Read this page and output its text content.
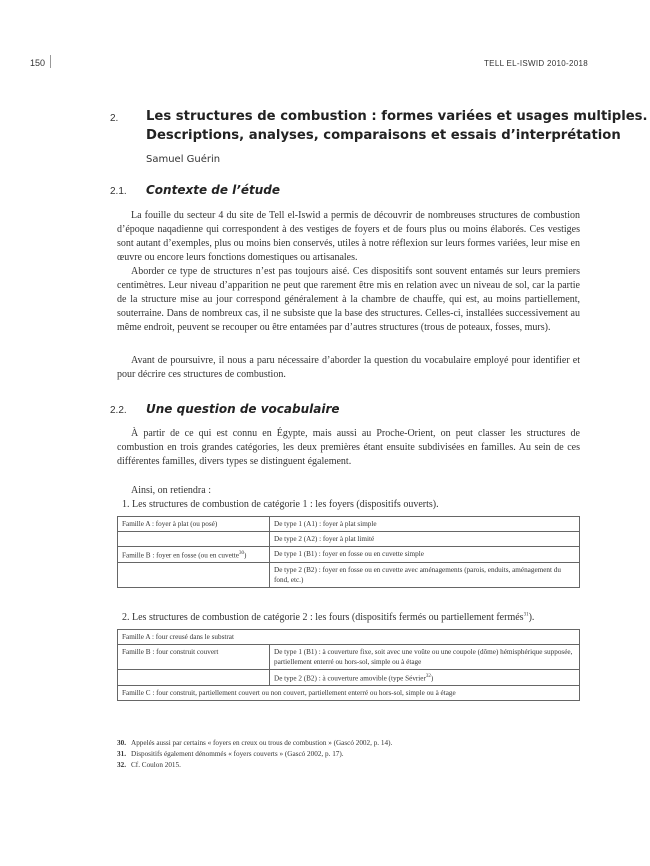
150	TELL EL-ISWID 2010-2018
2. Les structures de combustion : formes variées et usages multiples.
Descriptions, analyses, comparaisons et essais d’interprétation
Samuel Guérin
2.1. Contexte de l’étude

La fouille du secteur 4 du site de Tell el-Iswid a permis de découvrir de nombreuses structures de combustion d’époque naqadienne qui correspondent à des vestiges de foyers et de fours plus ou moins élaborés. Ces vestiges sont autant d’exemples, plus ou moins bien conservés, utiles à notre réflexion sur leurs formes variées, leur mise en œuvre ou encore leurs fonctions domestiques ou artisanales.

Aborder ce type de structures n’est pas toujours aisé. Ces dispositifs sont souvent entamés sur leurs premiers centimètres. Leur niveau d’apparition ne peut que rarement être mis en relation avec un niveau de sol, car la partie de la structure mise au jour correspond généralement à la chambre de chauffe, qui est, au moins partiellement, souterraine. Dans de nombreux cas, il ne subsiste que la base des structures. Celles-ci, installées successivement au même endroit, peuvent se recouper ou être entamées par d’autres structures (trous de poteaux, fosses, murs).

Avant de poursuivre, il nous a paru nécessaire d’aborder la question du vocabulaire employé pour identifier et pour décrire ces structures de combustion.

2.2. Une question de vocabulaire

À partir de ce qui est connu en Égypte, mais aussi au Proche-Orient, on peut classer les structures de combustion en trois grandes catégories, les deux premières étant ensuite subdivisées en familles. Au sein de ces différentes familles, divers types se distinguent également.

Ainsi, on retiendra :
1. Les structures de combustion de catégorie 1 : les foyers (dispositifs ouverts).
Famille A : foyer à plat (ou posé)	De type 1 (A1) : foyer à plat simple
	De type 2 (A2) : foyer à plat limité
Famille B : foyer en fosse (ou en cuvette$^{30}$)	De type 1 (B1) : foyer en fosse ou en cuvette simple
	De type 2 (B2) : foyer en fosse ou en cuvette avec aménagements (parois, enduits, aménagement du fond, etc.)
2. Les structures de combustion de catégorie 2 : les fours (dispositifs fermés ou partiellement fermés$^{31}$).
Famille A : four creusé dans le substrat	
Famille B : four construit couvert	De type 1 (B1) : à couverture fixe, soit avec une voûte ou une coupole (dôme) hémisphérique supposée, partiellement enterré ou hors-sol, simple ou à étage
	De type 2 (B2) : à couverture amovible (type Sévrier$^{32}$)
Famille C : four construit, partiellement couvert ou non couvert, partiellement enterré ou hors-sol, simple ou à étage	
30. Appelés aussi par certains « foyers en creux ou trous de combustion » (Gascó 2002, p. 14).
31. Dispositifs également dénommés « foyers couverts » (Gascó 2002, p. 17).
32. Cf. Coulon 2015.
